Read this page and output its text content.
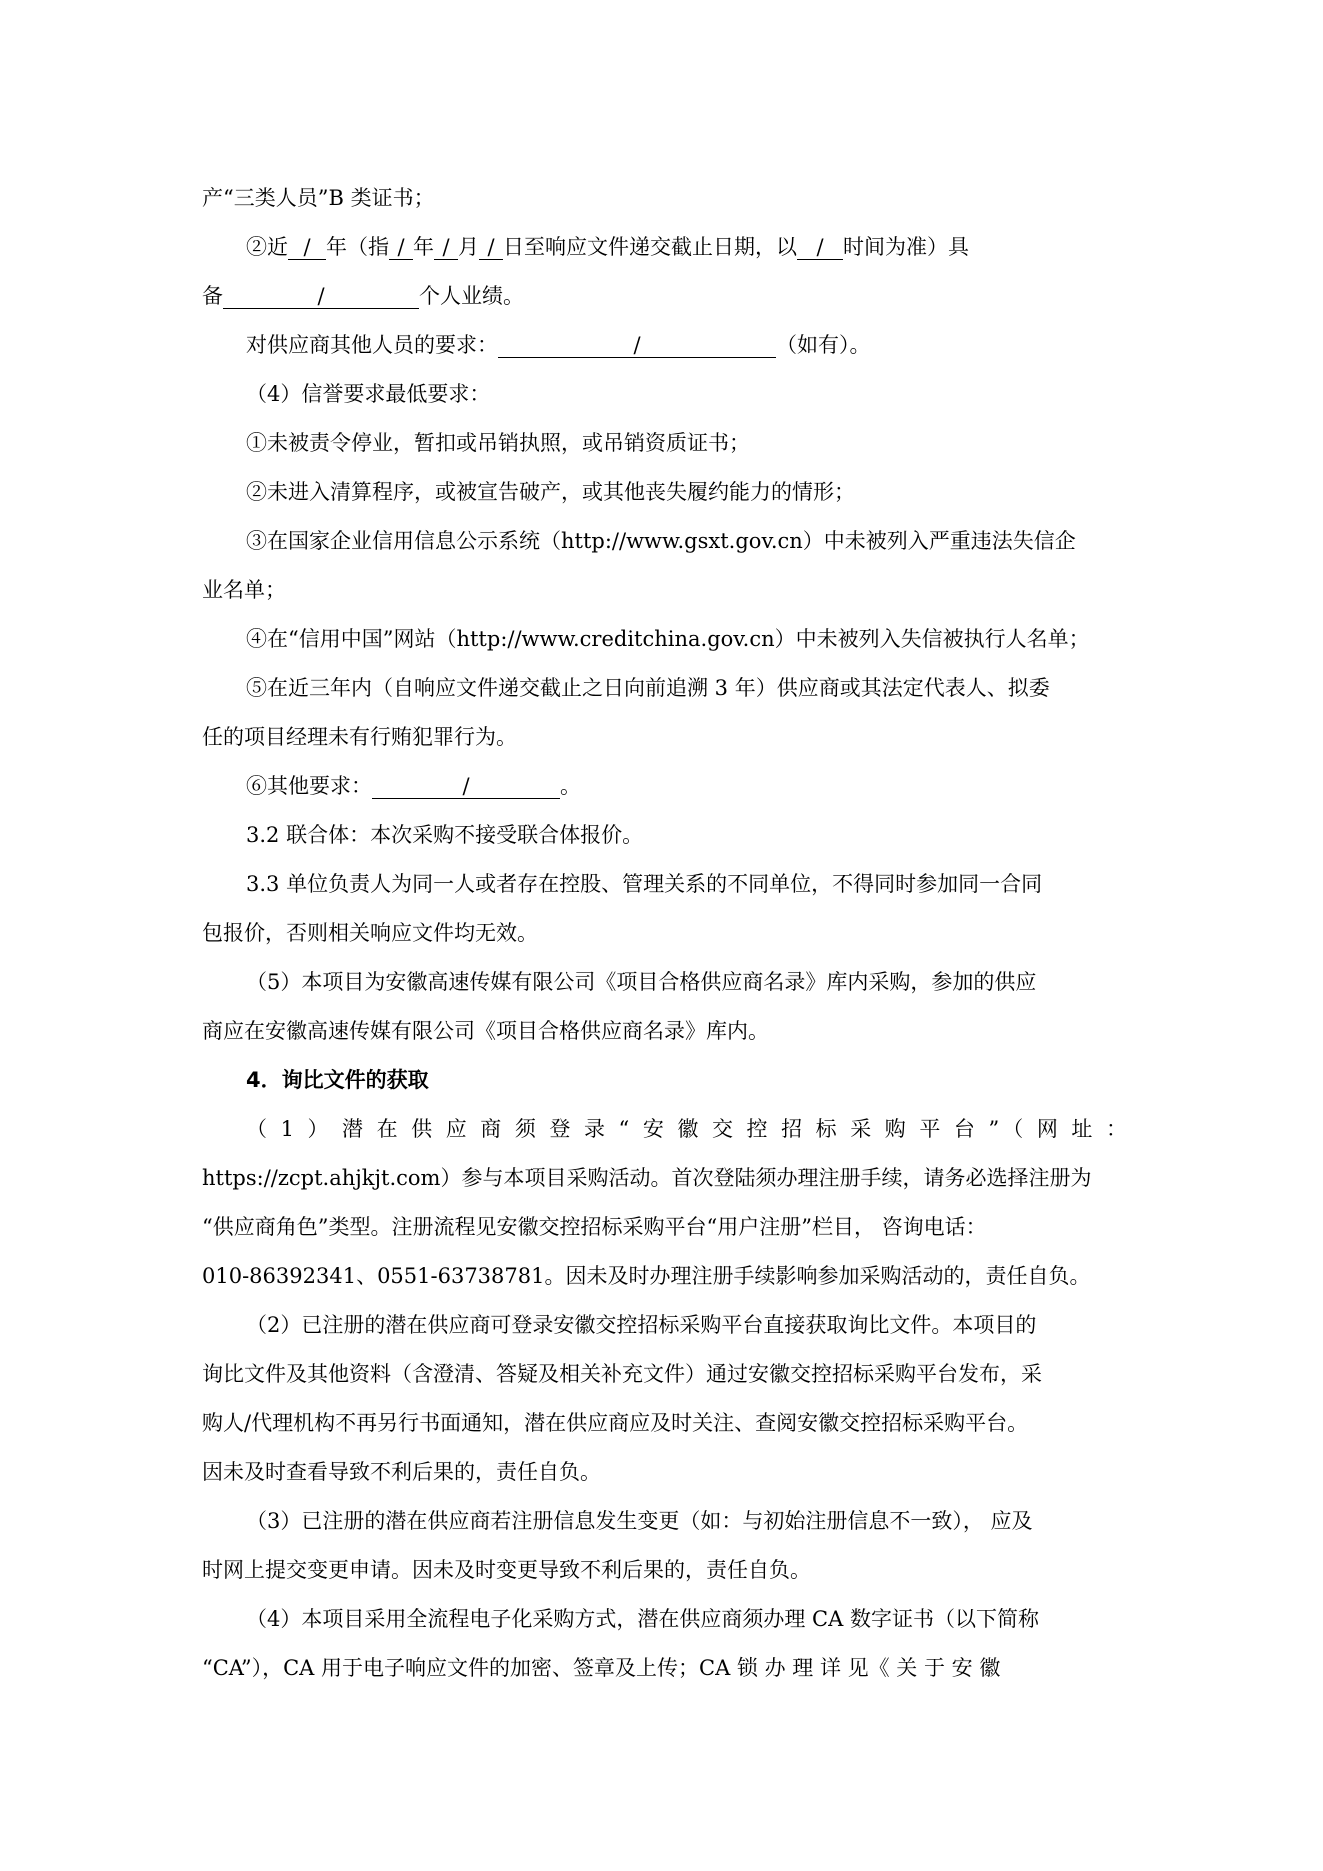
产“三类人员”B 类证书；
②近 / 年（指 / 年 / 月 / 日至响应文件递交截止日期，以 / 时间为准）具
备	/	个人业绩。
对供应商其他人员的要求：	/	（如有）。
（4）信誉要求最低要求：
①未被责令停业，暂扣或吊销执照，或吊销资质证书；
②未进入清算程序，或被宣告破产，或其他丧失履约能力的情形；
③在国家企业信用信息公示系统（http://www.gsxt.gov.cn）中未被列入严重违法失信企
业名单；
④在“信用中国”网站（http://www.creditchina.gov.cn）中未被列入失信被执行人名单；
⑤在近三年内（自响应文件递交截止之日向前追溯 3 年）供应商或其法定代表人、拟委
任的项目经理未有行贿犯罪行为。
⑥其他要求：	/	。
3.2 联合体：本次采购不接受联合体报价。
3.3 单位负责人为同一人或者存在控股、管理关系的不同单位，不得同时参加同一合同
包报价，否则相关响应文件均无效。
（5）本项目为安徽高速传媒有限公司《项目合格供应商名录》库内采购，参加的供应
商应在安徽高速传媒有限公司《项目合格供应商名录》库内。
4．询比文件的获取
（1）潜在供应商须登录“安徽交控招标采购平台”（网址：
https://zcpt.ahjkjt.com）参与本项目采购活动。首次登陆须办理注册手续，请务必选择注册为
“供应商角色”类型。注册流程见安徽交控招标采购平台“用户注册”栏目， 咨询电话：
010-86392341、0551-63738781。因未及时办理注册手续影响参加采购活动的，责任自负。
（2）已注册的潜在供应商可登录安徽交控招标采购平台直接获取询比文件。本项目的
询比文件及其他资料（含澄清、答疑及相关补充文件）通过安徽交控招标采购平台发布，采
购人/代理机构不再另行书面通知，潜在供应商应及时关注、查阅安徽交控招标采购平台。
因未及时查看导致不利后果的，责任自负。
（3）已注册的潜在供应商若注册信息发生变更（如：与初始注册信息不一致）， 应及
时网上提交变更申请。因未及时变更导致不利后果的，责任自负。
（4）本项目采用全流程电子化采购方式，潜在供应商须办理 CA 数字证书（以下简称
“CA”），CA 用于电子响应文件的加密、签章及上传；CA 锁 办 理 详 见《 关 于 安 徽
